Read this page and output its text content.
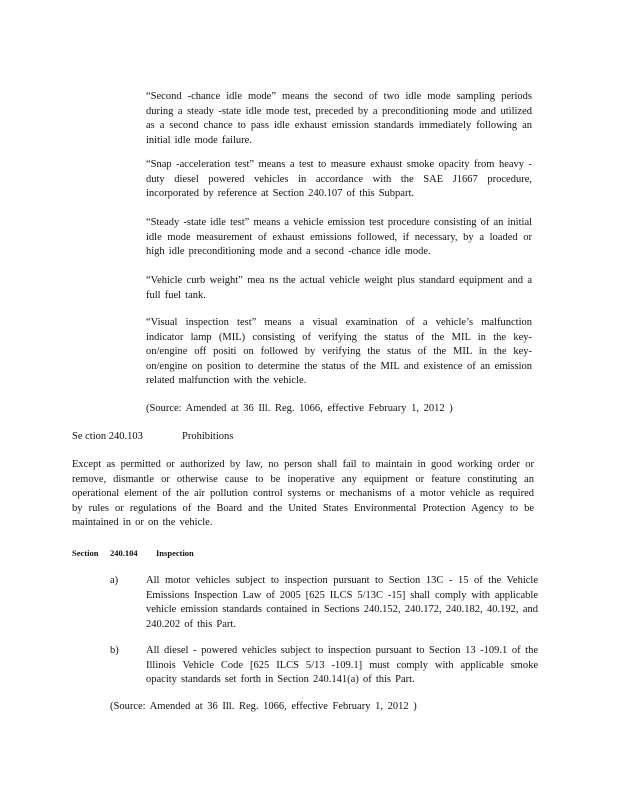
“Second -chance idle mode” means the second of two idle mode sampling periods during a steady -state idle mode test, preceded by a preconditioning mode and utilized as a second chance to pass idle exhaust emission standards immediately following an initial idle mode failure.

“Snap -acceleration test” means a test to measure exhaust smoke opacity from heavy -duty diesel powered vehicles in accordance with the SAE J1667 procedure, incorporated by reference at Section 240.107 of this Subpart.

“Steady -state idle test” means a vehicle emission test procedure consisting of an initial idle mode measurement of exhaust emissions followed, if necessary, by a loaded or high idle preconditioning mode and a second -chance idle mode.

“Vehicle curb weight” mea ns the actual vehicle weight plus standard equipment and a full fuel tank.

“Visual inspection test” means a visual examination of a vehicle’s malfunction indicator lamp (MIL) consisting of verifying the status of the MIL in the key-on/engine off positi on followed by verifying the status of the MIL in the key-on/engine on position to determine the status of the MIL and existence of an emission related malfunction with the vehicle.

(Source: Amended at 36 Ill. Reg. 1066, effective February 1, 2012 )

Se ction 240.103	Prohibitions

Except as permitted or authorized by law, no person shall fail to maintain in good working order or remove, dismantle or otherwise cause to be inoperative any equipment or feature constituting an operational element of the air pollution control systems or mechanisms of a motor vehicle as required by rules or regulations of the Board and the United States Environmental Protection Agency to be maintained in or on the vehicle.

Section 240.104 Inspection

a)	All motor vehicles subject to inspection pursuant to Section 13C - 15 of the Vehicle Emissions Inspection Law of 2005 [625 ILCS 5/13C -15] shall comply with applicable vehicle emission standards contained in Sections 240.152, 240.172, 240.182, 40.192, and 240.202 of this Part.

b)	All diesel - powered vehicles subject to inspection pursuant to Section 13 -109.1 of the Illinois Vehicle Code [625 ILCS 5/13 -109.1] must comply with applicable smoke opacity standards set forth in Section 240.141(a) of this Part.

(Source: Amended at 36 Ill. Reg. 1066, effective February 1, 2012 )
